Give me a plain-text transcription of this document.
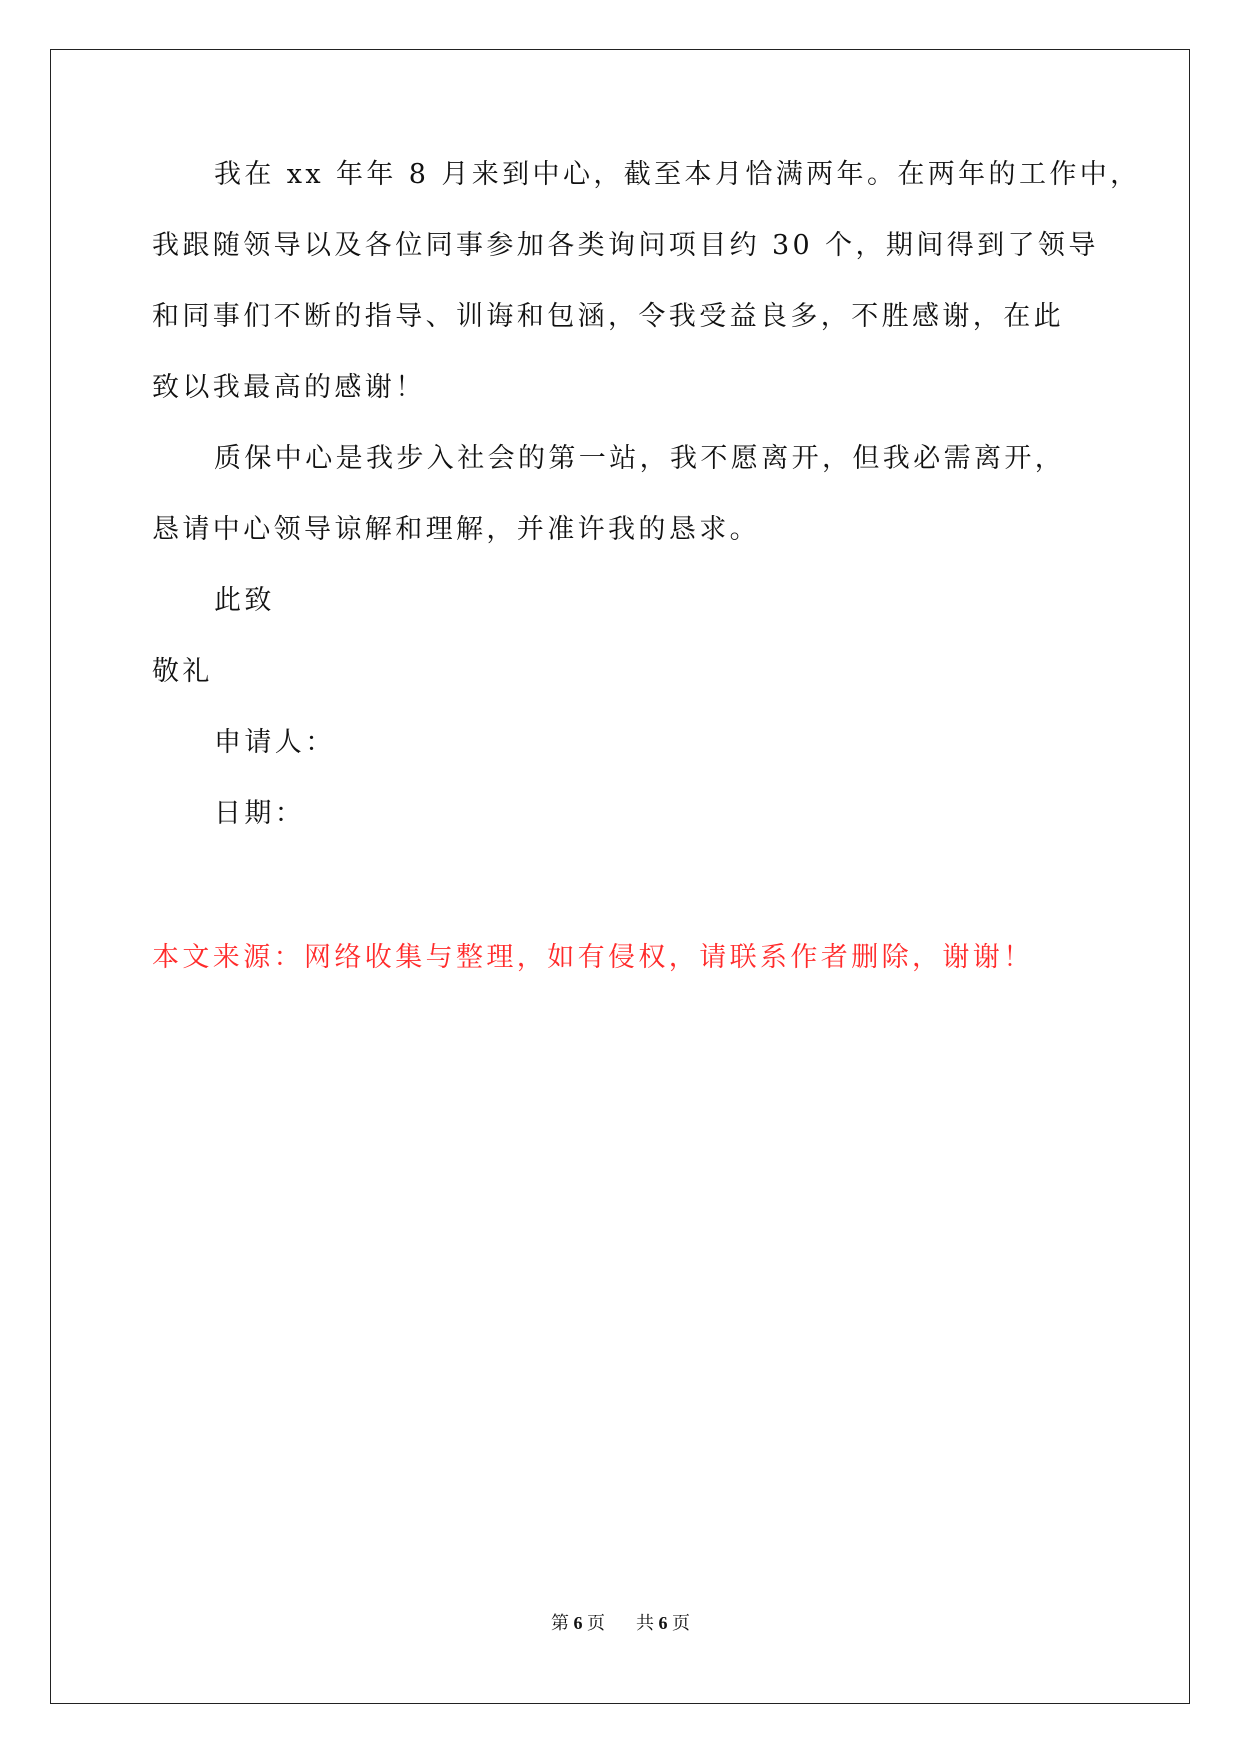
我在 xx 年年 8 月来到中心，截至本月恰满两年。在两年的工作中，
我跟随领导以及各位同事参加各类询问项目约 30 个，期间得到了领导
和同事们不断的指导、训诲和包涵，令我受益良多，不胜感谢，在此
致以我最高的感谢！
质保中心是我步入社会的第一站，我不愿离开，但我必需离开，
恳请中心领导谅解和理解，并准许我的恳求。
此致
敬礼
申请人：
日期：
本文来源：网络收集与整理，如有侵权，请联系作者删除，谢谢！
第 6 页 共 6 页
